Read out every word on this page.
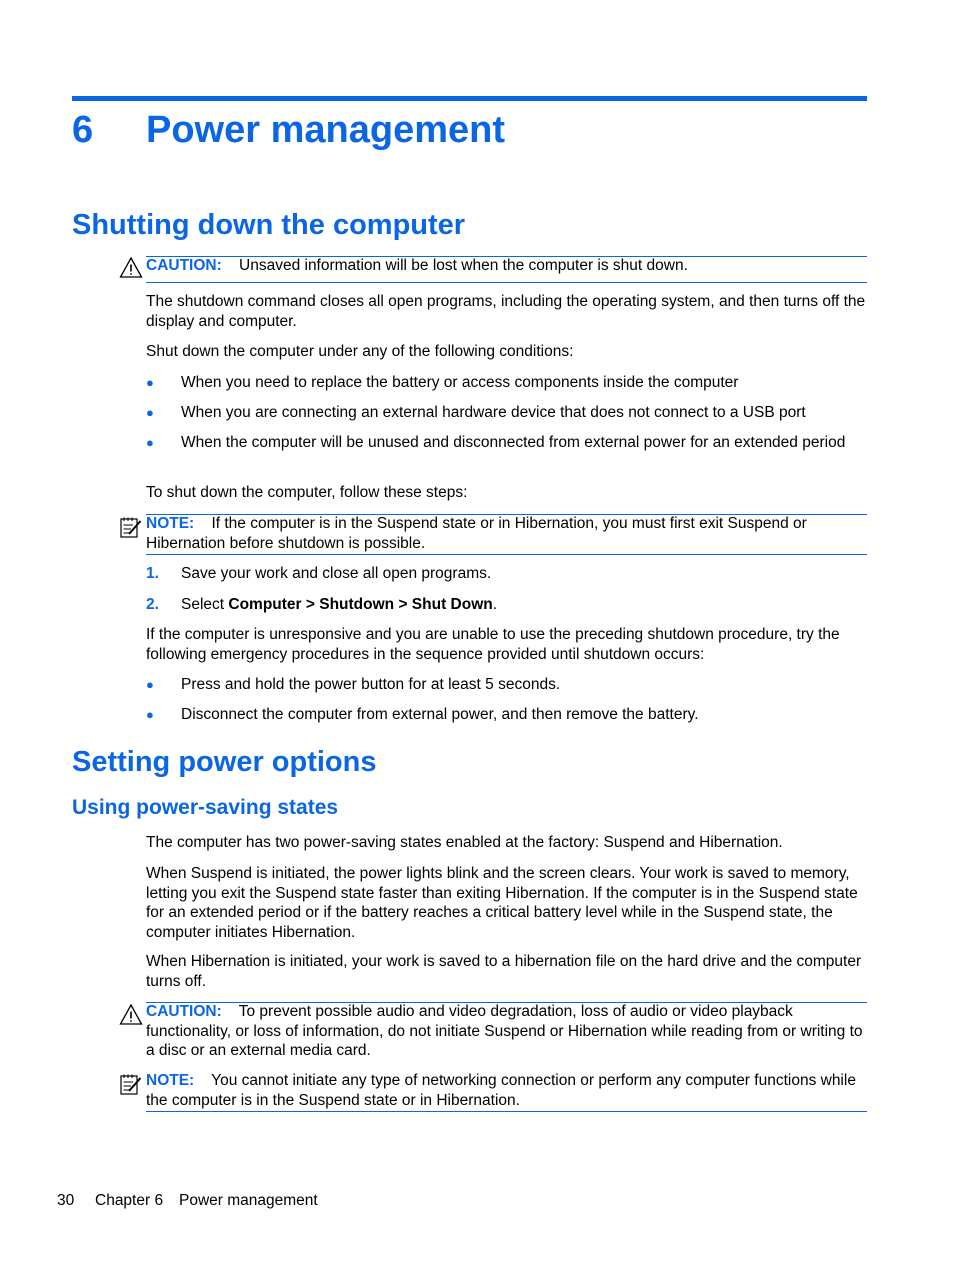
6 Power management
Shutting down the computer
CAUTION: Unsaved information will be lost when the computer is shut down.
The shutdown command closes all open programs, including the operating system, and then turns off the display and computer.
Shut down the computer under any of the following conditions:
●	When you need to replace the battery or access components inside the computer
●	When you are connecting an external hardware device that does not connect to a USB port
●	When the computer will be unused and disconnected from external power for an extended period
To shut down the computer, follow these steps:
NOTE: If the computer is in the Suspend state or in Hibernation, you must first exit Suspend or Hibernation before shutdown is possible.
1. Save your work and close all open programs.
2. Select Computer > Shutdown > Shut Down.
If the computer is unresponsive and you are unable to use the preceding shutdown procedure, try the following emergency procedures in the sequence provided until shutdown occurs:
●	Press and hold the power button for at least 5 seconds.
●	Disconnect the computer from external power, and then remove the battery.
Setting power options
Using power-saving states
The computer has two power-saving states enabled at the factory: Suspend and Hibernation.
When Suspend is initiated, the power lights blink and the screen clears. Your work is saved to memory, letting you exit the Suspend state faster than exiting Hibernation. If the computer is in the Suspend state for an extended period or if the battery reaches a critical battery level while in the Suspend state, the computer initiates Hibernation.
When Hibernation is initiated, your work is saved to a hibernation file on the hard drive and the computer turns off.
CAUTION: To prevent possible audio and video degradation, loss of audio or video playback functionality, or loss of information, do not initiate Suspend or Hibernation while reading from or writing to a disc or an external media card.
NOTE: You cannot initiate any type of networking connection or perform any computer functions while the computer is in the Suspend state or in Hibernation.
30 Chapter 6 Power management
